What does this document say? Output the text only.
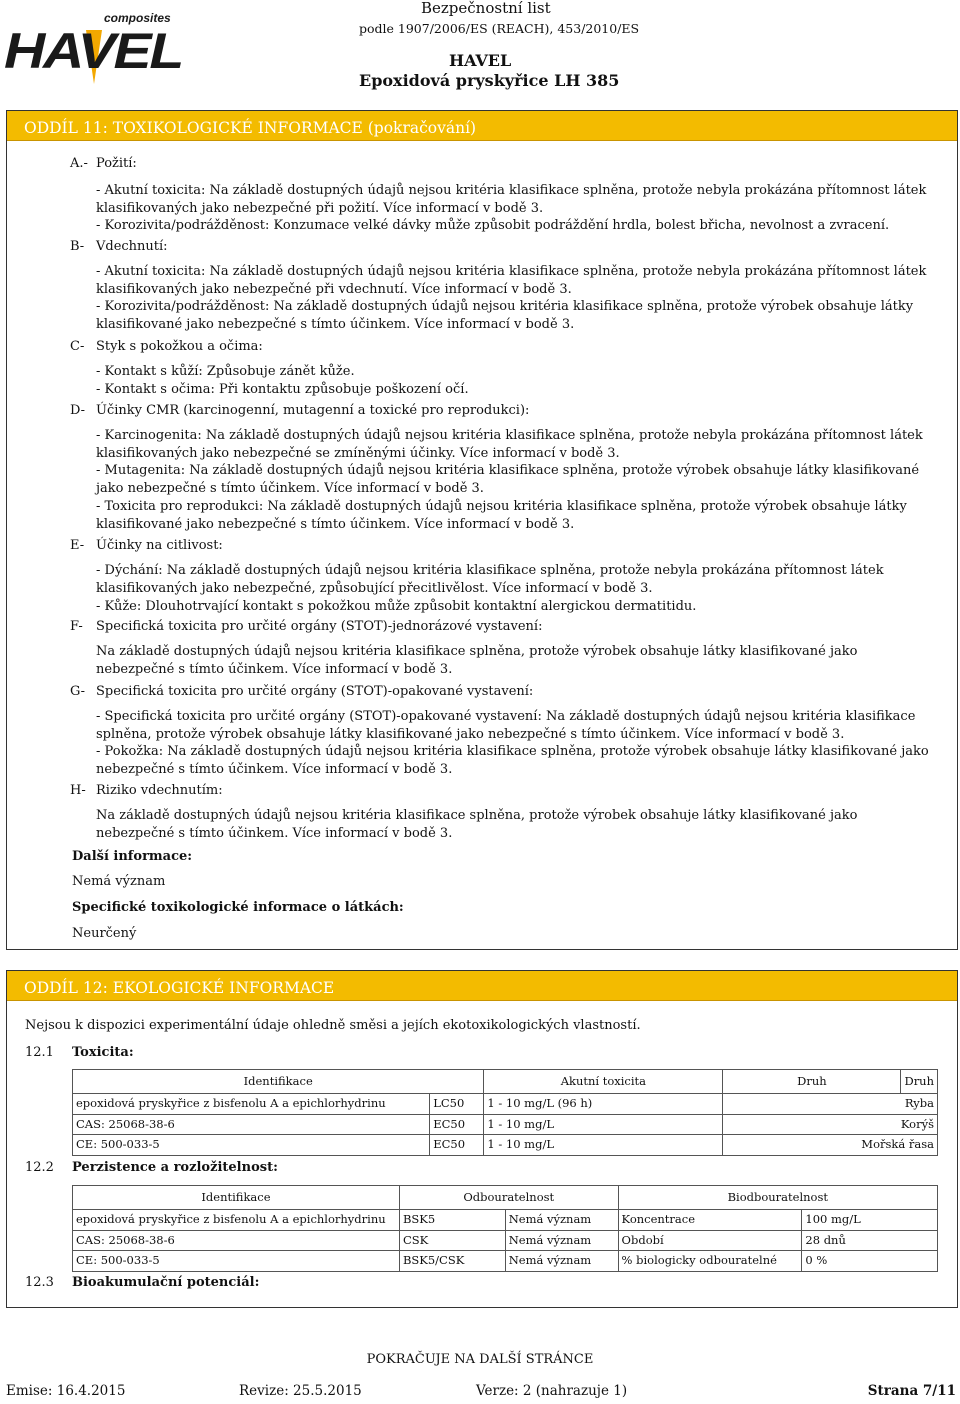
composites
HAVEL
Bezpečnostní list
podle 1907/2006/ES (REACH), 453/2010/ES
HAVEL
Epoxidová pryskyřice LH 385
ODDÍL 11: TOXIKOLOGICKÉ INFORMACE (pokračování)
A.- Požití:
- Akutní toxicita: Na základě dostupných údajů nejsou kritéria klasifikace splněna, protože nebyla prokázána přítomnost látek klasifikovaných jako nebezpečné při požití. Více informací v bodě 3.
- Korozivita/podrážděnost: Konzumace velké dávky může způsobit podráždění hrdla, bolest břicha, nevolnost a zvracení.
B- Vdechnutí:
- Akutní toxicita: Na základě dostupných údajů nejsou kritéria klasifikace splněna, protože nebyla prokázána přítomnost látek klasifikovaných jako nebezpečné při vdechnutí. Více informací v bodě 3.
- Korozivita/podrážděnost: Na základě dostupných údajů nejsou kritéria klasifikace splněna, protože výrobek obsahuje látky klasifikované jako nebezpečné s tímto účinkem. Více informací v bodě 3.
C- Styk s pokožkou a očima:
- Kontakt s kůží: Způsobuje zánět kůže.
- Kontakt s očima: Při kontaktu způsobuje poškození očí.
D- Účinky CMR (karcinogenní, mutagenní a toxické pro reprodukci):
- Karcinogenita: Na základě dostupných údajů nejsou kritéria klasifikace splněna, protože nebyla prokázána přítomnost látek klasifikovaných jako nebezpečné se zmíněnými účinky. Více informací v bodě 3.
- Mutagenita: Na základě dostupných údajů nejsou kritéria klasifikace splněna, protože výrobek obsahuje látky klasifikované jako nebezpečné s tímto účinkem. Více informací v bodě 3.
- Toxicita pro reprodukci: Na základě dostupných údajů nejsou kritéria klasifikace splněna, protože výrobek obsahuje látky klasifikované jako nebezpečné s tímto účinkem. Více informací v bodě 3.
E- Účinky na citlivost:
- Dýchání: Na základě dostupných údajů nejsou kritéria klasifikace splněna, protože nebyla prokázána přítomnost látek klasifikovaných jako nebezpečné, způsobující přecitlivělost. Více informací v bodě 3.
- Kůže: Dlouhotrvající kontakt s pokožkou může způsobit kontaktní alergickou dermatitidu.
F- Specifická toxicita pro určité orgány (STOT)-jednorázové vystavení:
Na základě dostupných údajů nejsou kritéria klasifikace splněna, protože výrobek obsahuje látky klasifikované jako nebezpečné s tímto účinkem. Více informací v bodě 3.
G- Specifická toxicita pro určité orgány (STOT)-opakované vystavení:
- Specifická toxicita pro určité orgány (STOT)-opakované vystavení: Na základě dostupných údajů nejsou kritéria klasifikace splněna, protože výrobek obsahuje látky klasifikované jako nebezpečné s tímto účinkem. Více informací v bodě 3.
- Pokožka: Na základě dostupných údajů nejsou kritéria klasifikace splněna, protože výrobek obsahuje látky klasifikované jako nebezpečné s tímto účinkem. Více informací v bodě 3.
H- Riziko vdechnutím:
Na základě dostupných údajů nejsou kritéria klasifikace splněna, protože výrobek obsahuje látky klasifikované jako nebezpečné s tímto účinkem. Více informací v bodě 3.
Další informace:
Nemá význam
Specifické toxikologické informace o látkách:
Neurčený
ODDÍL 12: EKOLOGICKÉ INFORMACE
Nejsou k dispozici experimentální údaje ohledně směsi a jejích ekotoxikologických vlastností.
12.1 Toxicita:
Identifikace		Akutní toxicita	Druh	Druh
epoxidová pryskyřice z bisfenolu A a epichlorhydrinu	LC50	1 - 10 mg/L (96 h)	Ryba	
CAS: 25068-38-6	EC50	1 - 10 mg/L	Korýš	
CE: 500-033-5	EC50	1 - 10 mg/L	Mořská řasa	
12.2 Perzistence a rozložitelnost:
Identifikace	Odbouratelnost		Biodbouratelnost	
epoxidová pryskyřice z bisfenolu A a epichlorhydrinu	BSK5	Nemá význam	Koncentrace	100 mg/L
CAS: 25068-38-6	CSK	Nemá význam	Období	28 dnů
CE: 500-033-5	BSK5/CSK	Nemá význam	% biologicky odbouratelné	0 %
12.3 Bioakumulační potenciál:
POKRAČUJE NA DALŠÍ STRÁNCE
Emise: 16.4.2015	Revize: 25.5.2015	Verze: 2 (nahrazuje 1)	Strana 7/11
